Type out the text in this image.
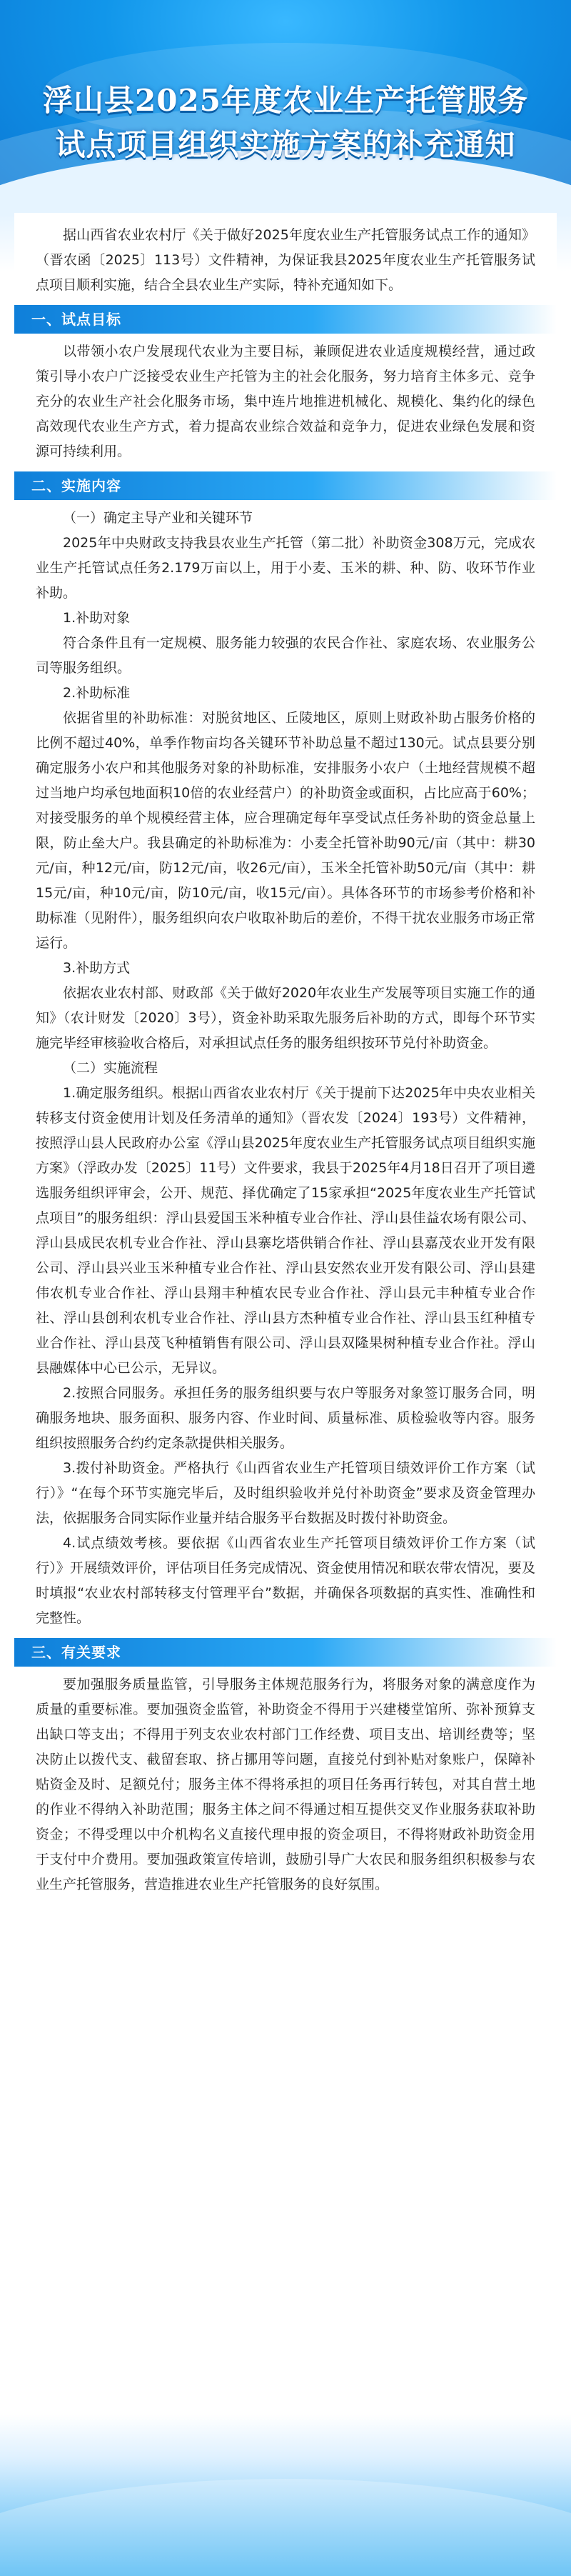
浮山县2025年度农业生产托管服务
试点项目组织实施方案的补充通知

据山西省农业农村厅《关于做好2025年度农业生产托管服务试点工作的通知》（晋农函〔2025〕113号）文件精神，为保证我县2025年度农业生产托管服务试点项目顺利实施，结合全县农业生产实际，特补充通知如下。

一、试点目标

以带领小农户发展现代农业为主要目标，兼顾促进农业适度规模经营，通过政策引导小农户广泛接受农业生产托管为主的社会化服务，努力培育主体多元、竞争充分的农业生产社会化服务市场，集中连片地推进机械化、规模化、集约化的绿色高效现代农业生产方式，着力提高农业综合效益和竞争力，促进农业绿色发展和资源可持续利用。

二、实施内容

（一）确定主导产业和关键环节

2025年中央财政支持我县农业生产托管（第二批）补助资金308万元，完成农业生产托管试点任务2.179万亩以上，用于小麦、玉米的耕、种、防、收环节作业补助。

1.补助对象

符合条件且有一定规模、服务能力较强的农民合作社、家庭农场、农业服务公司等服务组织。

2.补助标准

依据省里的补助标准：对脱贫地区、丘陵地区，原则上财政补助占服务价格的比例不超过40%，单季作物亩均各关键环节补助总量不超过130元。试点县要分别确定服务小农户和其他服务对象的补助标准，安排服务小农户（土地经营规模不超过当地户均承包地面积10倍的农业经营户）的补助资金或面积，占比应高于60%；对接受服务的单个规模经营主体，应合理确定每年享受试点任务补助的资金总量上限，防止垒大户。我县确定的补助标准为：小麦全托管补助90元/亩（其中：耕30元/亩，种12元/亩，防12元/亩，收26元/亩），玉米全托管补助50元/亩（其中：耕15元/亩，种10元/亩，防10元/亩，收15元/亩）。具体各环节的市场参考价格和补助标准（见附件），服务组织向农户收取补助后的差价，不得干扰农业服务市场正常运行。

3.补助方式

依据农业农村部、财政部《关于做好2020年农业生产发展等项目实施工作的通知》（农计财发〔2020〕3号），资金补助采取先服务后补助的方式，即每个环节实施完毕经审核验收合格后，对承担试点任务的服务组织按环节兑付补助资金。

（二）实施流程

1.确定服务组织。根据山西省农业农村厅《关于提前下达2025年中央农业相关转移支付资金使用计划及任务清单的通知》（晋农发〔2024〕193号）文件精神，按照浮山县人民政府办公室《浮山县2025年度农业生产托管服务试点项目组织实施方案》（浮政办发〔2025〕11号）文件要求，我县于2025年4月18日召开了项目遴选服务组织评审会，公开、规范、择优确定了15家承担“2025年度农业生产托管试点项目”的服务组织：浮山县爱国玉米种植专业合作社、浮山县佳益农场有限公司、浮山县成民农机专业合作社、浮山县寨圪塔供销合作社、浮山县嘉茂农业开发有限公司、浮山县兴业玉米种植专业合作社、浮山县安然农业开发有限公司、浮山县建伟农机专业合作社、浮山县翔丰种植农民专业合作社、浮山县元丰种植专业合作社、浮山县创利农机专业合作社、浮山县方杰种植专业合作社、浮山县玉红种植专业合作社、浮山县茂飞种植销售有限公司、浮山县双隆果树种植专业合作社。浮山县融媒体中心已公示，无异议。

2.按照合同服务。承担任务的服务组织要与农户等服务对象签订服务合同，明确服务地块、服务面积、服务内容、作业时间、质量标准、质检验收等内容。服务组织按照服务合约约定条款提供相关服务。

3.拨付补助资金。严格执行《山西省农业生产托管项目绩效评价工作方案（试行）》“在每个环节实施完毕后，及时组织验收并兑付补助资金”要求及资金管理办法，依据服务合同实际作业量并结合服务平台数据及时拨付补助资金。

4.试点绩效考核。要依据《山西省农业生产托管项目绩效评价工作方案（试行）》开展绩效评价，评估项目任务完成情况、资金使用情况和联农带农情况，要及时填报“农业农村部转移支付管理平台”数据，并确保各项数据的真实性、准确性和完整性。

三、有关要求

要加强服务质量监管，引导服务主体规范服务行为，将服务对象的满意度作为质量的重要标准。要加强资金监管，补助资金不得用于兴建楼堂馆所、弥补预算支出缺口等支出；不得用于列支农业农村部门工作经费、项目支出、培训经费等；坚决防止以拨代支、截留套取、挤占挪用等问题，直接兑付到补贴对象账户，保障补贴资金及时、足额兑付；服务主体不得将承担的项目任务再行转包，对其自营土地的作业不得纳入补助范围；服务主体之间不得通过相互提供交叉作业服务获取补助资金；不得受理以中介机构名义直接代理申报的资金项目，不得将财政补助资金用于支付中介费用。要加强政策宣传培训，鼓励引导广大农民和服务组织积极参与农业生产托管服务，营造推进农业生产托管服务的良好氛围。
